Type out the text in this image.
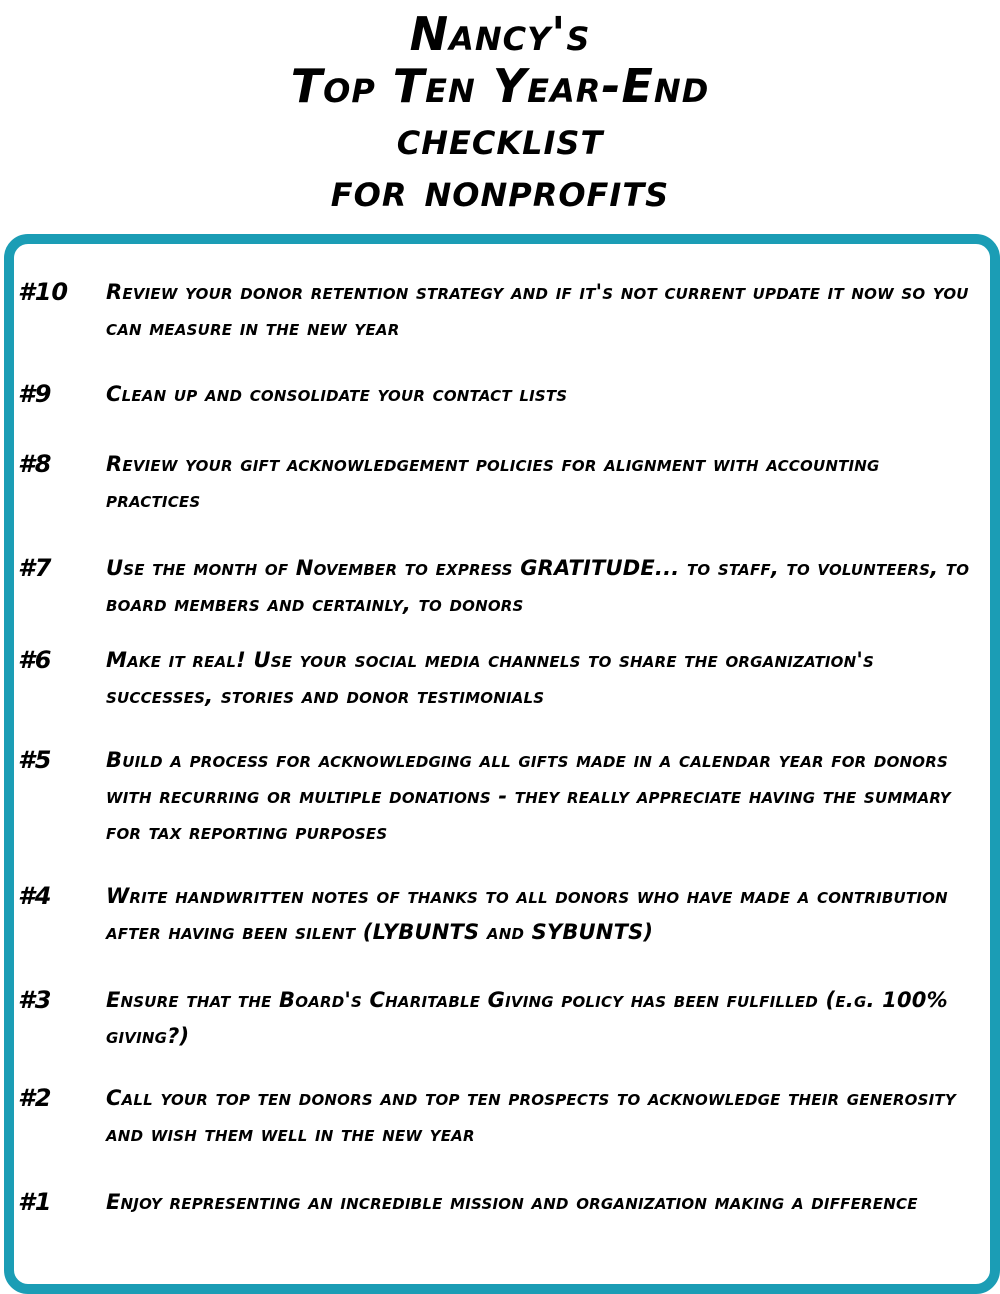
Nancy's
Top Ten Year-End
checklist
for nonprofits
#10 Review your donor retention strategy and if it's not current update it now so you can measure in the new year
#9	Clean up and consolidate your contact lists
#8	Review your gift acknowledgement policies for alignment with accounting practices
#7	Use the month of November to express GRATITUDE... to staff, to volunteers, to board members and certainly, to donors
#6	Make it real! Use your social media channels to share the organization's successes, stories and donor testimonials
#5	Build a process for acknowledging all gifts made in a calendar year for donors with recurring or multiple donations - they really appreciate having the summary for tax reporting purposes
#4	Write handwritten notes of thanks to all donors who have made a contribution after having been silent (LYBUNTS and SYBUNTS)
#3	Ensure that the Board's Charitable Giving policy has been fulfilled (e.g. 100% giving?)
#2	Call your top ten donors and top ten prospects to acknowledge their generosity and wish them well in the new year
#1	Enjoy representing an incredible mission and organization making a difference
